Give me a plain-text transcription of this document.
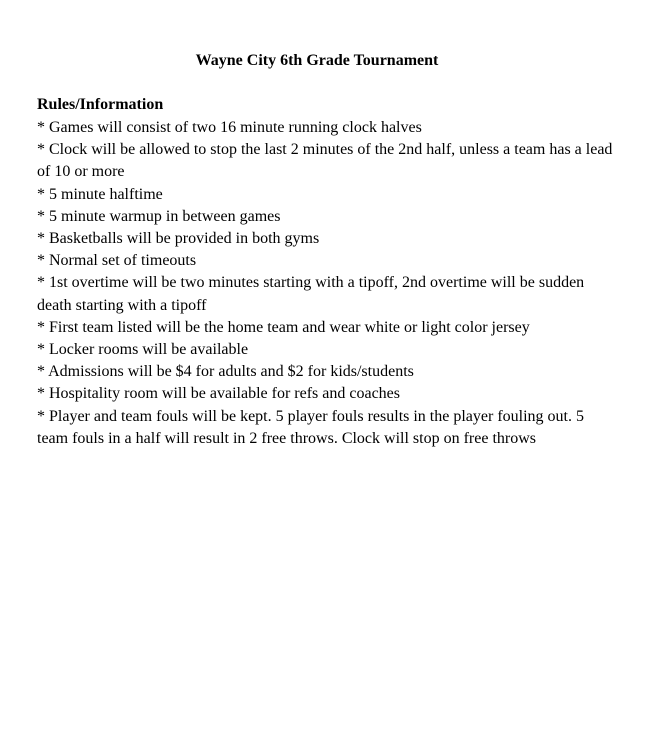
Wayne City 6th Grade Tournament
Rules/Information
* Games will consist of two 16 minute running clock halves
* Clock will be allowed to stop the last 2 minutes of the 2nd half, unless a team has a lead of 10 or more
* 5 minute halftime
* 5 minute warmup in between games
* Basketballs will be provided in both gyms
* Normal set of timeouts
* 1st overtime will be two minutes starting with a tipoff, 2nd overtime will be sudden death starting with a tipoff
* First team listed will be the home team and wear white or light color jersey
* Locker rooms will be available
* Admissions will be $4 for adults and $2 for kids/students
* Hospitality room will be available for refs and coaches
* Player and team fouls will be kept. 5 player fouls results in the player fouling out. 5 team fouls in a half will result in 2 free throws. Clock will stop on free throws
